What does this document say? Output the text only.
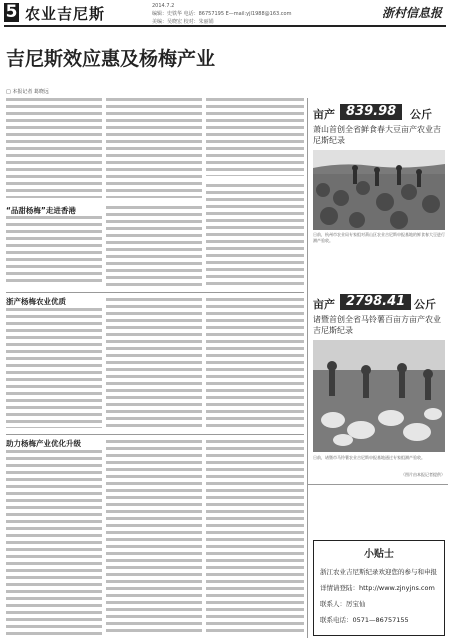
5 农业吉尼斯	2014.7.2
编辑：史铁华 电话：86757195 E—mail:yjl1988@163.com
美编：吴晓宏 校对：朱丽娟
浙村信息报
吉尼斯效应惠及杨梅产业
□ 本报记者 葛晓远
“品甜杨梅”走进香港
浙产杨梅农业优质
助力杨梅产业优化升级
亩产 839.98	公斤
萧山首创全省鲜食春大豆亩产农业吉尼斯纪录
日前，杭州市农业局专家组对萧山区农业吉尼斯申报基地的鲜食春大豆进行测产验收。
亩产 2798.41 公斤
诸暨首创全省马铃薯百亩方亩产农业吉尼斯纪录
日前，诸暨市马铃薯农业吉尼斯申报基地通过专家组测产验收。
（图片由本报记者提供）
小贴士
浙江农业吉尼斯纪录欢迎您的参与和申报
详情请登陆：http://www.zjnyjns.com
联系人：厉宝仙
联系电话：0571—86757155
